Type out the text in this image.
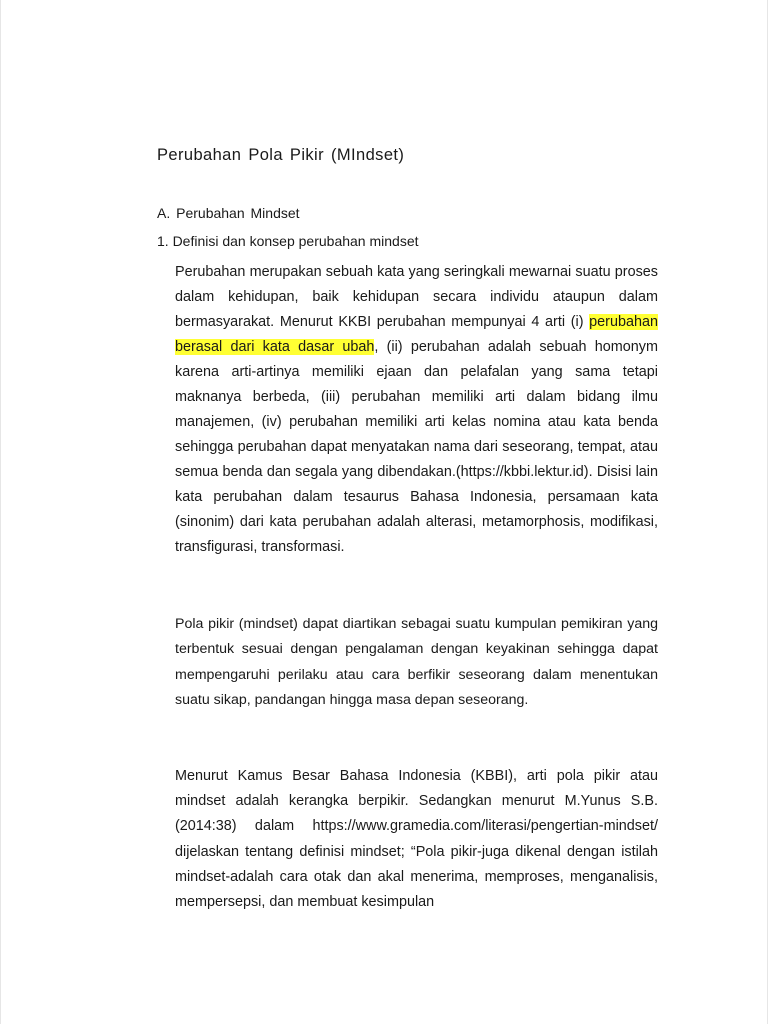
Perubahan Pola Pikir (MIndset)
A. Perubahan Mindset
1. Definisi dan konsep perubahan mindset

Perubahan merupakan sebuah kata yang seringkali mewarnai suatu proses dalam kehidupan, baik kehidupan secara individu ataupun dalam bermasyarakat. Menurut KKBI perubahan mempunyai 4 arti (i) perubahan berasal dari kata dasar ubah, (ii) perubahan adalah sebuah homonym karena arti-artinya memiliki ejaan dan pelafalan yang sama tetapi maknanya berbeda, (iii) perubahan memiliki arti dalam bidang ilmu manajemen, (iv) perubahan memiliki arti kelas nomina atau kata benda sehingga perubahan dapat menyatakan nama dari seseorang, tempat, atau semua benda dan segala yang dibendakan.(https://kbbi.lektur.id). Disisi lain kata perubahan dalam tesaurus Bahasa Indonesia, persamaan kata (sinonim) dari kata perubahan adalah alterasi, metamorphosis, modifikasi, transfigurasi, transformasi.

Pola pikir (mindset) dapat diartikan sebagai suatu kumpulan pemikiran yang terbentuk sesuai dengan pengalaman dengan keyakinan sehingga dapat mempengaruhi perilaku atau cara berfikir seseorang dalam menentukan suatu sikap, pandangan hingga masa depan seseorang.

Menurut Kamus Besar Bahasa Indonesia (KBBI), arti pola pikir atau mindset adalah kerangka berpikir. Sedangkan menurut M.Yunus S.B. (2014:38) dalam https://www.gramedia.com/literasi/pengertian-mindset/ dijelaskan tentang definisi mindset; “Pola pikir-juga dikenal dengan istilah mindset-adalah cara otak dan akal menerima, memproses, menganalisis, mempersepsi, dan membuat kesimpulan
